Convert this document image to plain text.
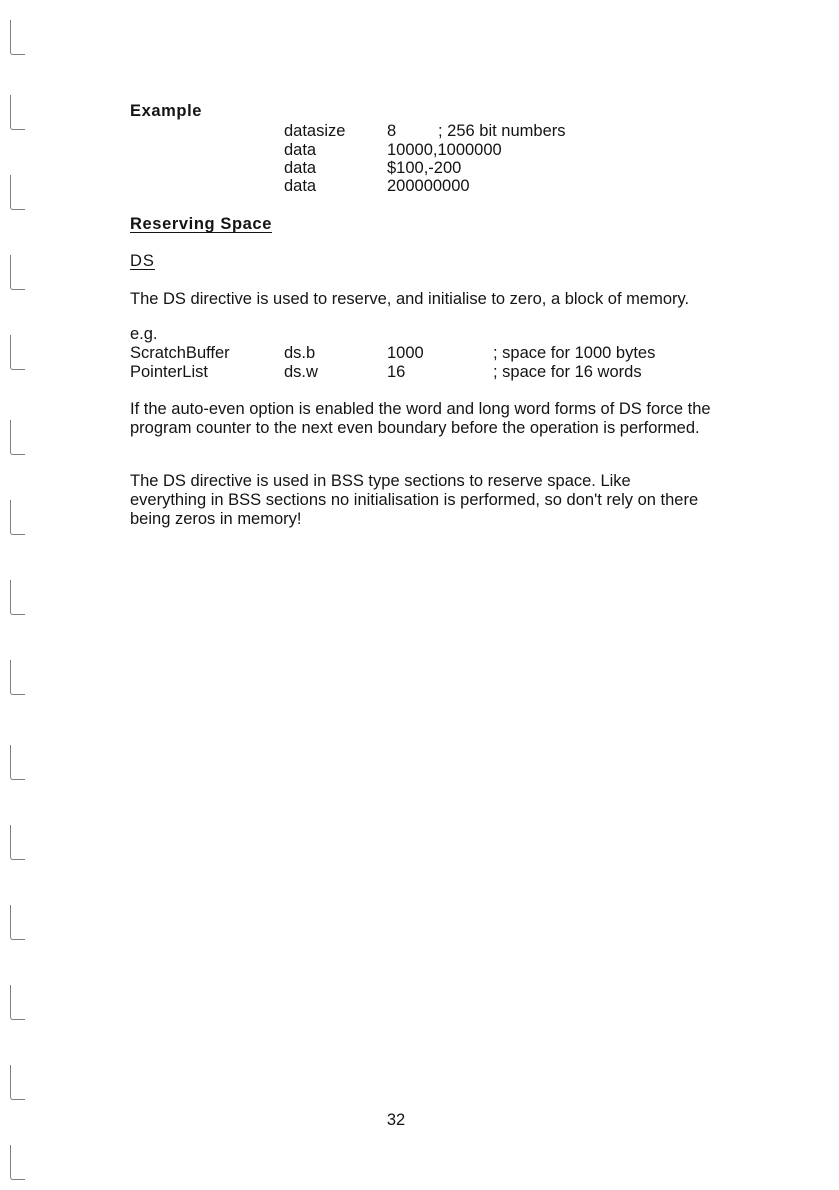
Example
datasize	8	; 256 bit numbers
data	10000,1000000
data	$100,-200
data	200000000
Reserving Space
DS
The DS directive is used to reserve, and initialise to zero, a block of memory.
e.g.
ScratchBuffer	ds.b	1000	; space for 1000 bytes
PointerList	ds.w	16	; space for 16 words
If the auto-even option is enabled the word and long word forms of DS force the program counter to the next even boundary before the operation is performed.
The DS directive is used in BSS type sections to reserve space. Like everything in BSS sections no initialisation is performed, so don't rely on there being zeros in memory!
32
